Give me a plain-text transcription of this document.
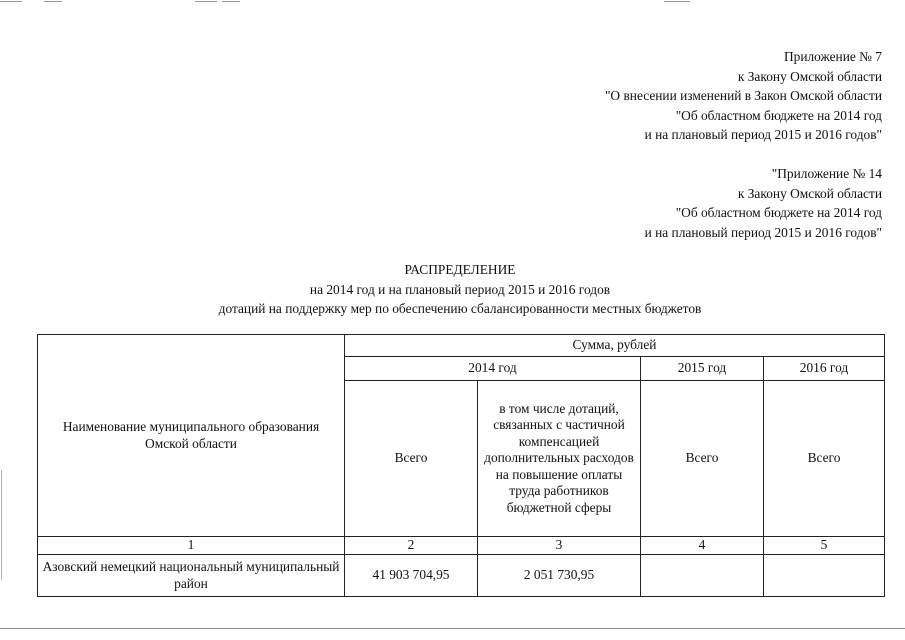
Приложение № 7
к Закону Омской области
"О внесении изменений в Закон Омской области
"Об областном бюджете на 2014 год
и на плановый период 2015 и 2016 годов"
"Приложение № 14
к Закону Омской области
"Об областном бюджете на 2014 год
и на плановый период 2015 и 2016 годов"
РАСПРЕДЕЛЕНИЕ
на 2014 год и на плановый период 2015 и 2016 годов
дотаций на поддержку мер по обеспечению сбалансированности местных бюджетов
Наименование муниципального образования Омской области	Сумма, рублей			
	2014 год		2015 год	2016 год
	Всего	в том числе дотаций, связанных с частичной компенсацией дополнительных расходов на повышение оплаты труда работников бюджетной сферы	Всего	Всего
1	2	3	4	5
Азовский немецкий национальный муниципальный район	41 903 704,95	2 051 730,95		
